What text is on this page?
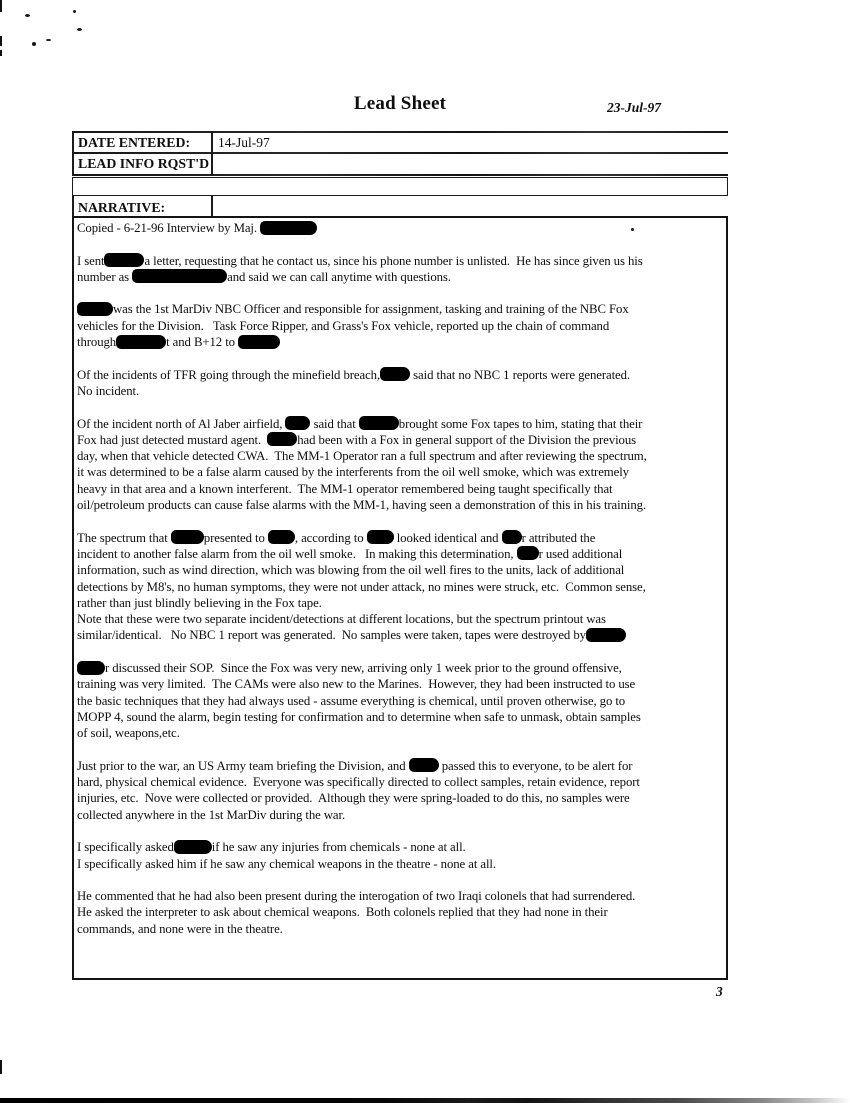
Lead Sheet	23-Jul-97
DATE ENTERED:	14-Jul-97
LEAD INFO RQST'D
NARRATIVE:
Copied - 6-21-96 Interview by Maj.
I sent	a letter, requesting that he contact us, since his phone number is unlisted.  He has since given us his
number as	and said we can call anytime with questions.
was the 1st MarDiv NBC Officer and responsible for assignment, tasking and training of the NBC Fox
vehicles for the Division.   Task Force Ripper, and Grass's Fox vehicle, reported up the chain of command
through	t and B+12 to
Of the incidents of TFR going through the minefield breach, said that no NBC 1 reports were generated.
No incident.
Of the incident north of Al Jaber airfield,  said that	brought some Fox tapes to him, stating that their
Fox had just detected mustard agent.  had been with a Fox in general support of the Division the previous
day, when that vehicle detected CWA.  The MM-1 Operator ran a full spectrum and after reviewing the spectrum,
it was determined to be a false alarm caused by the interferents from the oil well smoke, which was extremely
heavy in that area and a known interferent.  The MM-1 operator remembered being taught specifically that
oil/petroleum products can cause false alarms with the MM-1, having seen a demonstration of this in his training.
The spectrum that	presented to , according to  looked identical and r attributed the
incident to another false alarm from the oil well smoke.   In making this determination, r used additional
information, such as wind direction, which was blowing from the oil well fires to the units, lack of additional
detections by M8's, no human symptoms, they were not under attack, no mines were struck, etc.  Common sense,
rather than just blindly believing in the Fox tape.
Note that these were two separate incident/detections at different locations, but the spectrum printout was
similar/identical.   No NBC 1 report was generated.  No samples were taken, tapes were destroyed by
r discussed their SOP.  Since the Fox was very new, arriving only 1 week prior to the ground offensive,
training was very limited.  The CAMs were also new to the Marines.  However, they had been instructed to use
the basic techniques that they had always used - assume everything is chemical, until proven otherwise, go to
MOPP 4, sound the alarm, begin testing for confirmation and to determine when safe to unmask, obtain samples
of soil, weapons,etc.
Just prior to the war, an US Army team briefing the Division, and  passed this to everyone, to be alert for
hard, physical chemical evidence.  Everyone was specifically directed to collect samples, retain evidence, report
injuries, etc.  Nove were collected or provided.  Although they were spring-loaded to do this, no samples were
collected anywhere in the 1st MarDiv during the war.
I specifically asked	if he saw any injuries from chemicals - none at all.
I specifically asked him if he saw any chemical weapons in the theatre - none at all.
He commented that he had also been present during the interogation of two Iraqi colonels that had surrendered.
He asked the interpreter to ask about chemical weapons.  Both colonels replied that they had none in their
commands, and none were in the theatre.
3
